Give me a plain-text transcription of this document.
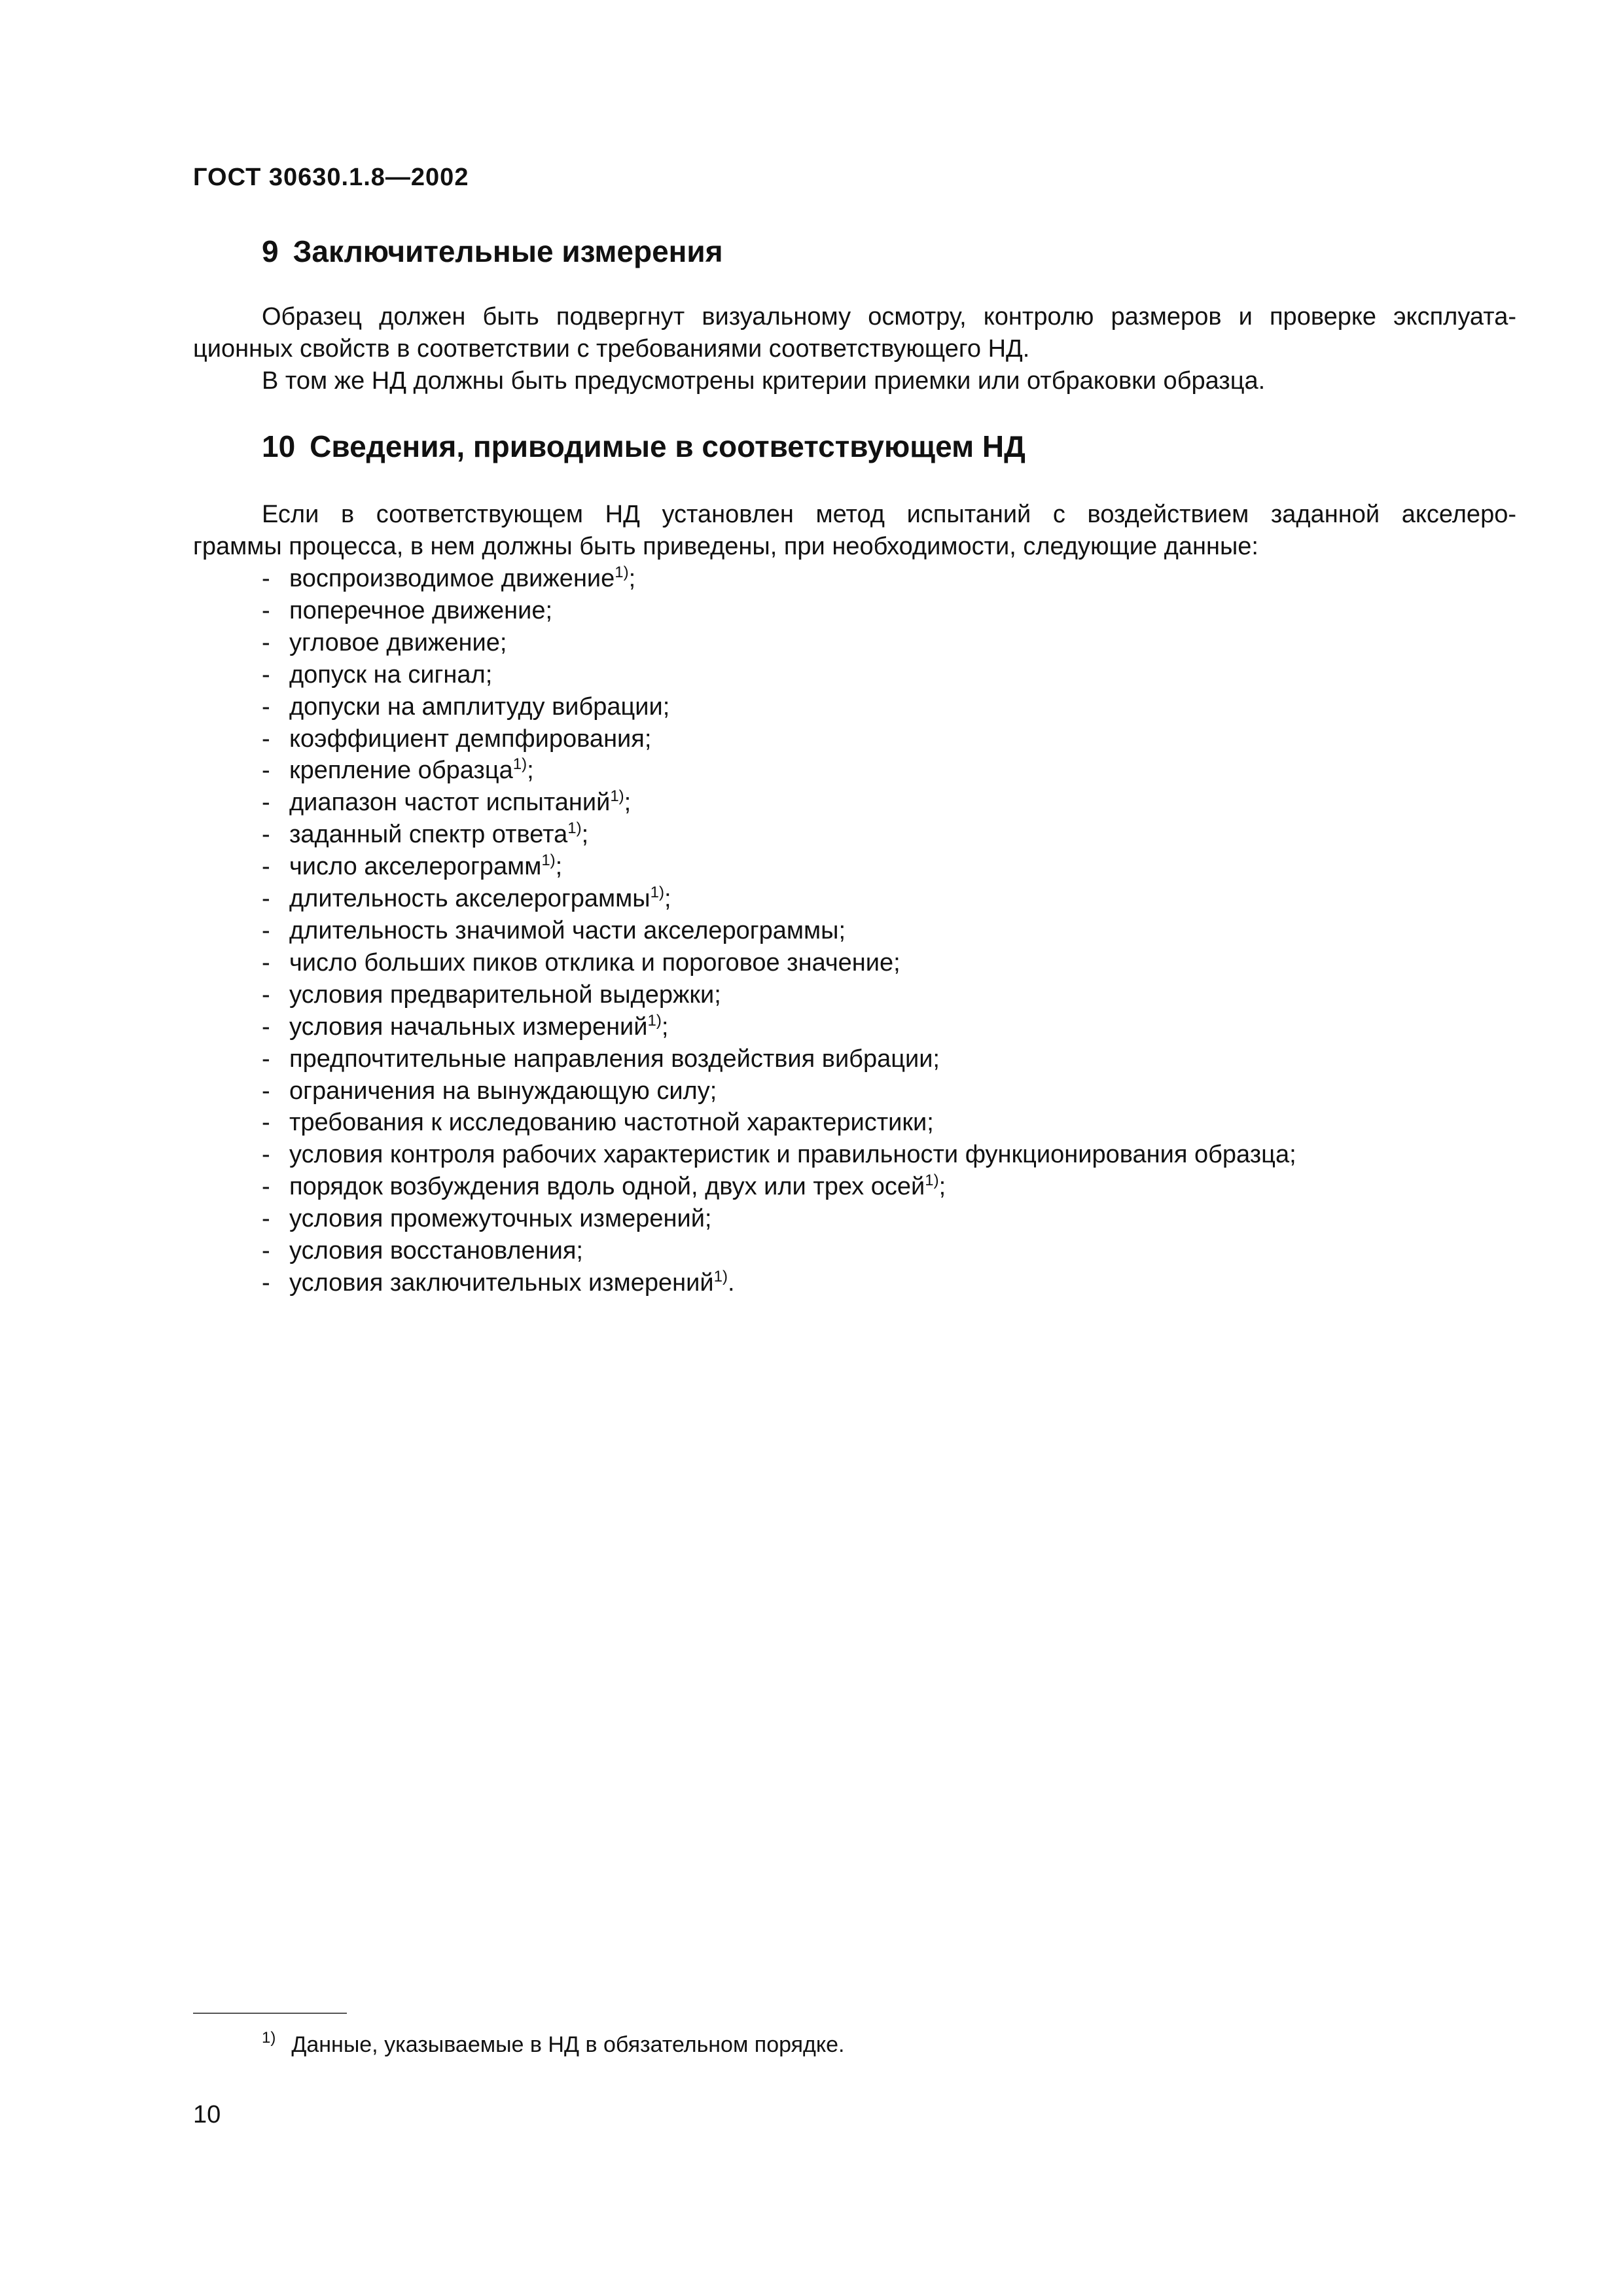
ГОСТ 30630.1.8—2002
9 Заключительные измерения
Образец должен быть подвергнут визуальному осмотру, контролю размеров и проверке эксплуата-
ционных свойств в соответствии с требованиями соответствующего НД.
В том же НД должны быть предусмотрены критерии приемки или отбраковки образца.
10 Сведения, приводимые в соответствующем НД
Если в соответствующем НД установлен метод испытаний с воздействием заданной акселеро-
граммы процесса, в нем должны быть приведены, при необходимости, следующие данные:
- воспроизводимое движение$^{1)}$;
- поперечное движение;
- угловое движение;
- допуск на сигнал;
- допуски на амплитуду вибрации;
- коэффициент демпфирования;
- крепление образца$^{1)}$;
- диапазон частот испытаний$^{1)}$;
- заданный спектр ответа$^{1)}$;
- число акселерограмм$^{1)}$;
- длительность акселерограммы$^{1)}$;
- длительность значимой части акселерограммы;
- число больших пиков отклика и пороговое значение;
- условия предварительной выдержки;
- условия начальных измерений$^{1)}$;
- предпочтительные направления воздействия вибрации;
- ограничения на вынуждающую силу;
- требования к исследованию частотной характеристики;
- условия контроля рабочих характеристик и правильности функционирования образца;
- порядок возбуждения вдоль одной, двух или трех осей$^{1)}$;
- условия промежуточных измерений;
- условия восстановления;
- условия заключительных измерений$^{1)}$.
$^{1)}$ Данные, указываемые в НД в обязательном порядке.
10
